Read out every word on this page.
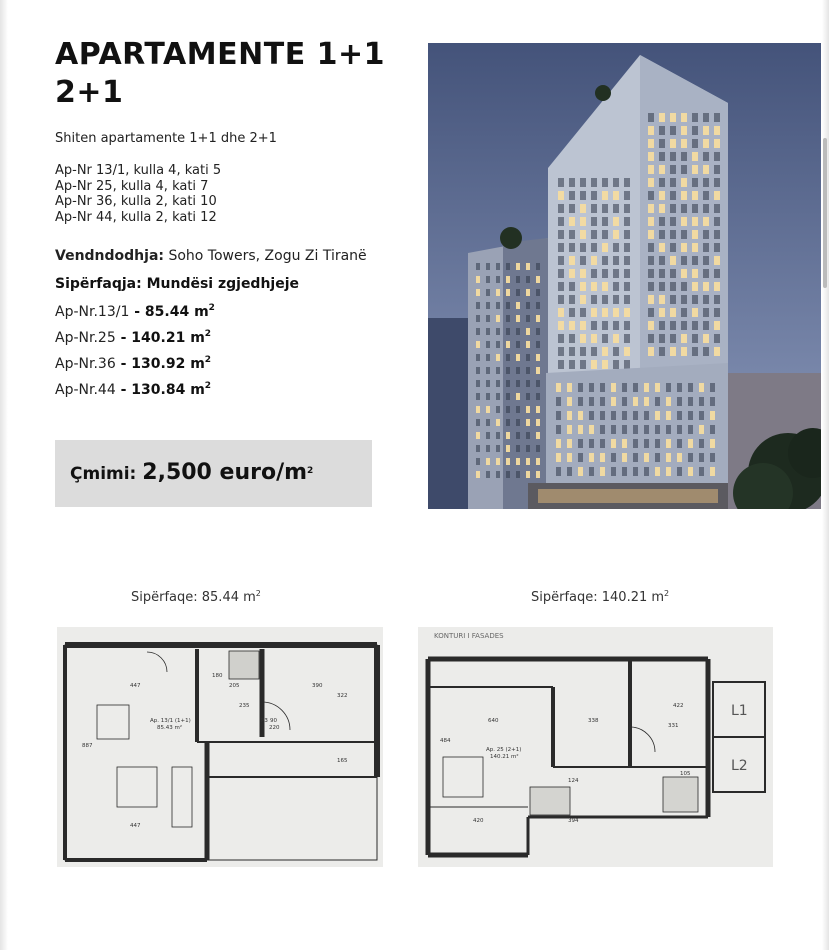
APARTAMENTE 1+1
2+1
Shiten apartamente 1+1 dhe 2+1
Ap-Nr 13/1, kulla 4, kati 5
Ap-Nr 25, kulla 4, kati 7
Ap-Nr 36, kulla 2, kati 10
Ap-Nr 44, kulla 2, kati 12
Vendndodhja: Soho Towers, Zogu Zi Tiranë
Sipërfaqja: Mundësi zgjedhjeje
Ap-Nr.13/1 - 85.44 $m^2$
Ap-Nr.25 - 140.21 $m^2$
Ap-Nr.36 - 130.92 $m^2$
Ap-Nr.44 - 130.84 $m^2$
Çmimi: 2,500 euro/$m^2$
Sipërfaqe: 85.44 $m^2$	Sipërfaqe: 140.21 $m^2$
Ap. 13/1 (1+1)
85.43 m²
447
887
447
390
322
180
205
235
165
P3 90
220
KONTURI I FASADES
Ap. 25 (2+1)
140.21 m²
640
484
338
422
331
420	394
124
105
L1
L2
